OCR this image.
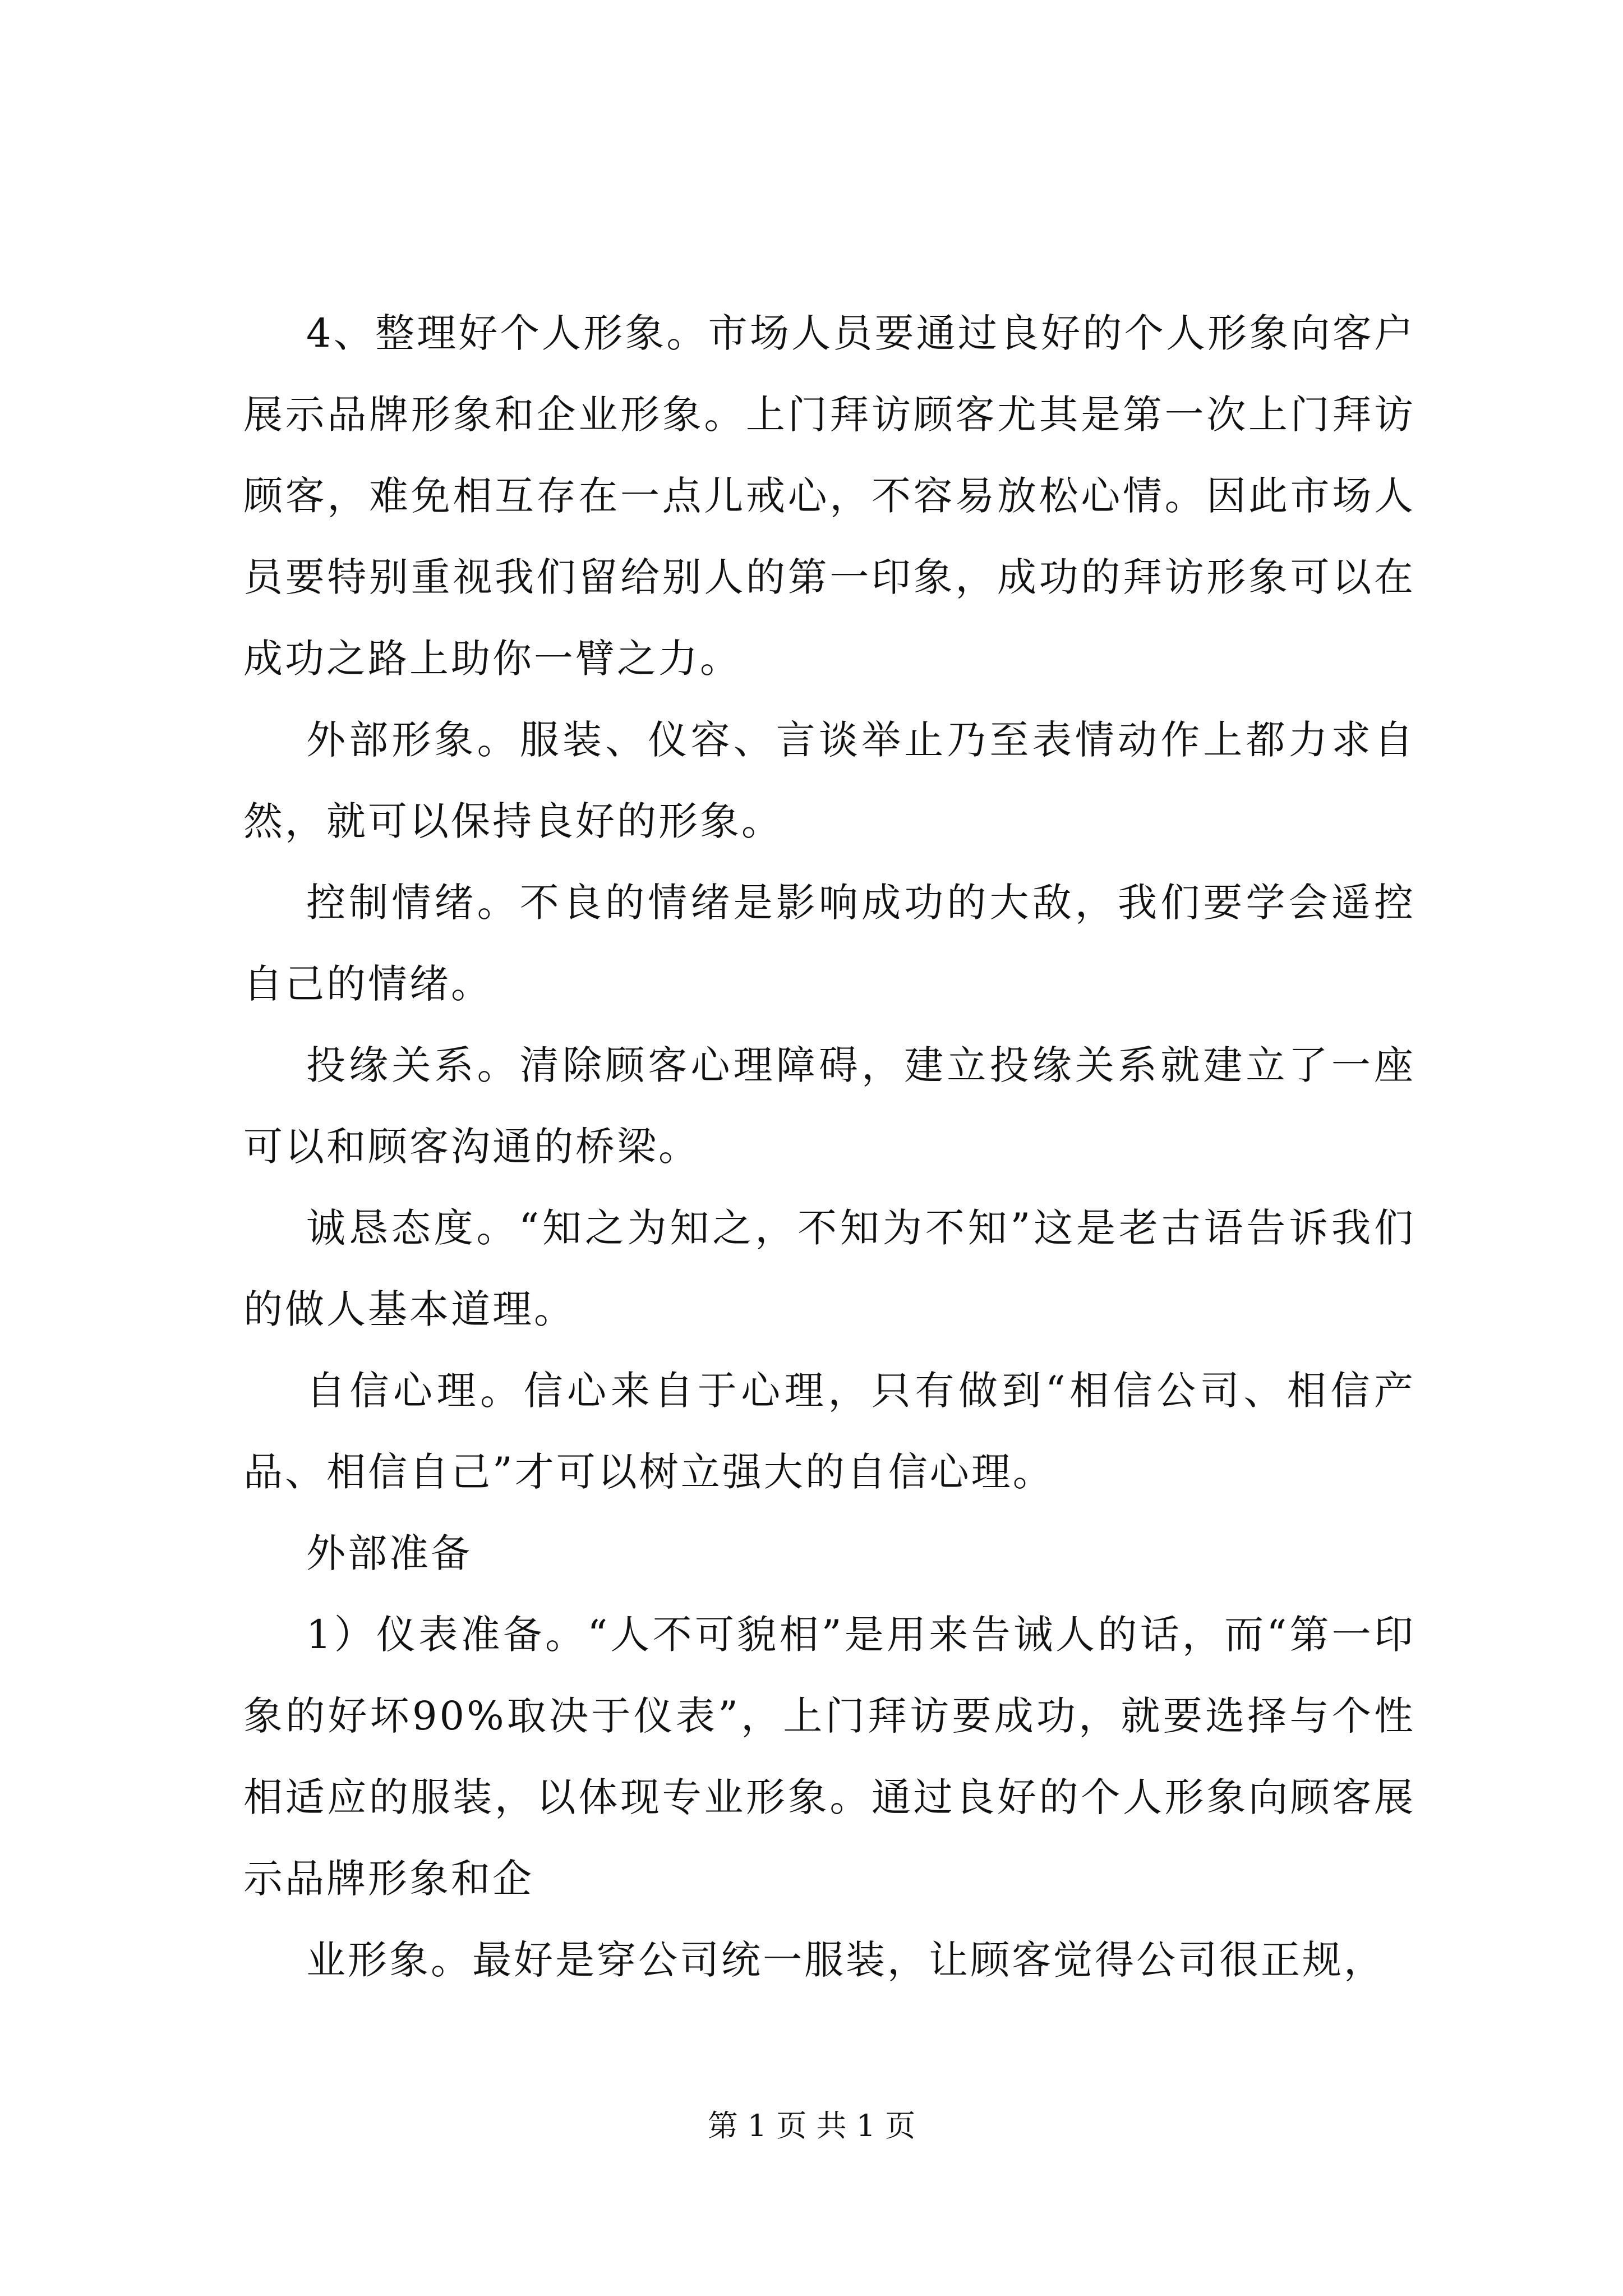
4、整理好个人形象。市场人员要通过良好的个人形象向客户展示品牌形象和企业形象。上门拜访顾客尤其是第一次上门拜访顾客，难免相互存在一点儿戒心，不容易放松心情。因此市场人员要特别重视我们留给别人的第一印象，成功的拜访形象可以在成功之路上助你一臂之力。

外部形象。服装、仪容、言谈举止乃至表情动作上都力求自然，就可以保持良好的形象。

控制情绪。不良的情绪是影响成功的大敌，我们要学会遥控自己的情绪。

投缘关系。清除顾客心理障碍，建立投缘关系就建立了一座可以和顾客沟通的桥梁。

诚恳态度。“知之为知之，不知为不知”这是老古语告诉我们的做人基本道理。

自信心理。信心来自于心理，只有做到“相信公司、相信产品、相信自己”才可以树立强大的自信心理。

外部准备

1）仪表准备。“人不可貌相”是用来告诫人的话，而“第一印象的好坏90%取决于仪表”，上门拜访要成功，就要选择与个性相适应的服装，以体现专业形象。通过良好的个人形象向顾客展示品牌形象和企

业形象。最好是穿公司统一服装，让顾客觉得公司很正规，

第 1 页 共 1 页
